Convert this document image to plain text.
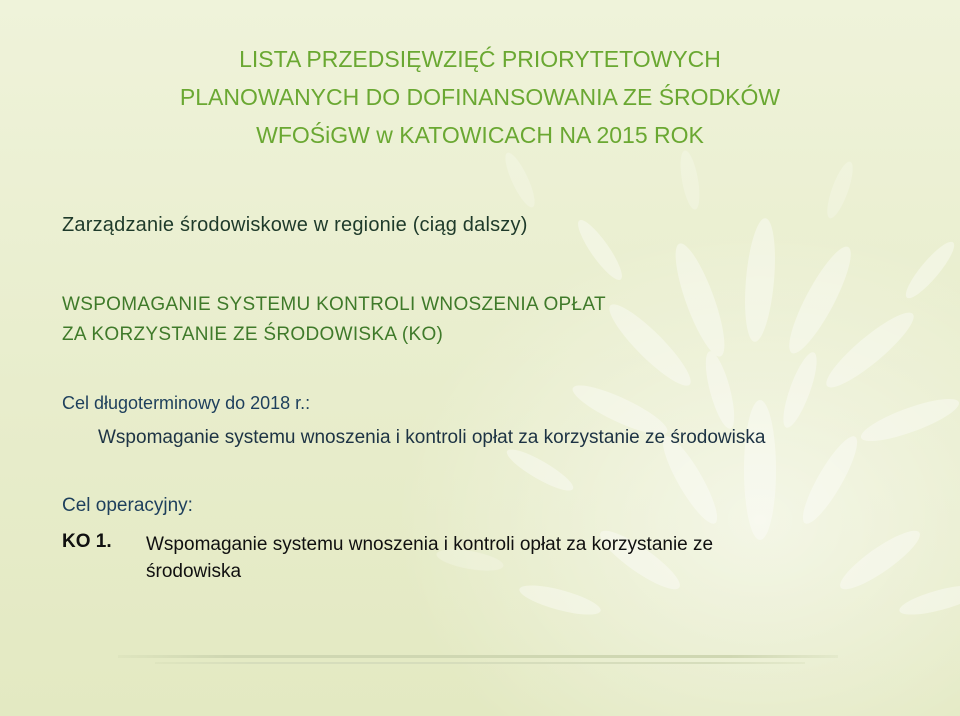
LISTA PRZEDSIĘWZIĘĆ PRIORYTETOWYCH
PLANOWANYCH DO DOFINANSOWANIA ZE ŚRODKÓW
WFOŚiGW w KATOWICACH NA 2015 ROK
Zarządzanie środowiskowe w regionie (ciąg dalszy)
WSPOMAGANIE SYSTEMU KONTROLI WNOSZENIA OPŁAT
ZA KORZYSTANIE ZE ŚRODOWISKA (KO)
Cel długoterminowy do 2018 r.:
Wspomaganie systemu wnoszenia i kontroli opłat za korzystanie ze środowiska
Cel operacyjny:
KO 1. Wspomaganie systemu wnoszenia i kontroli opłat za korzystanie ze środowiska
